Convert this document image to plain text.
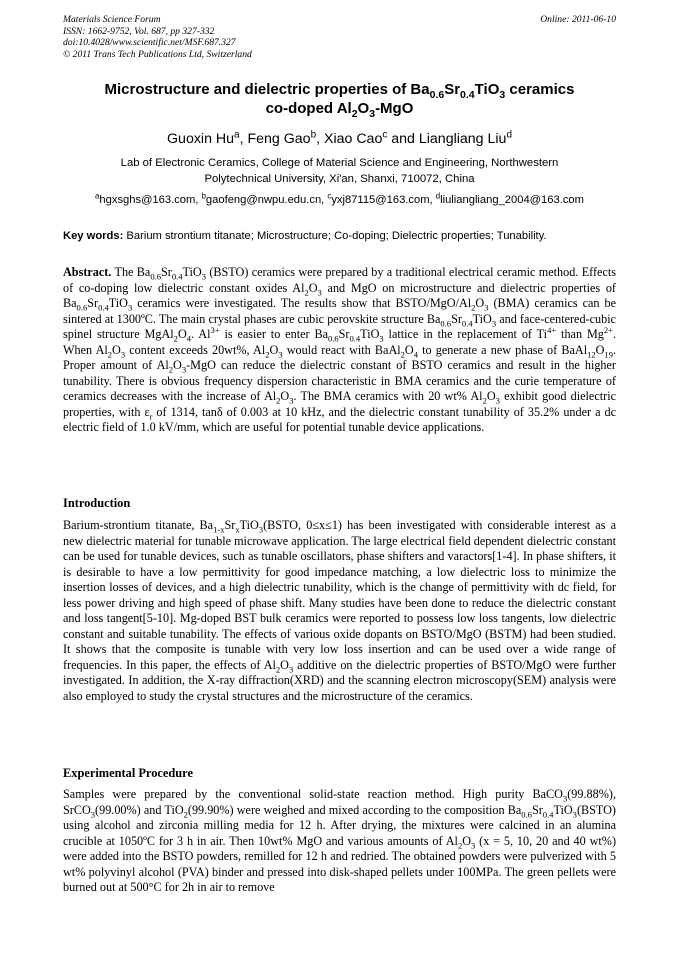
Materials Science Forum
ISSN: 1662-9752, Vol. 687, pp 327-332
doi:10.4028/www.scientific.net/MSF.687.327
© 2011 Trans Tech Publications Ltd, Switzerland
Online: 2011-06-10
Microstructure and dielectric properties of $Ba_{0.6}Sr_{0.4}TiO_3$ ceramics
co-doped $Al_2O_3$-MgO
Guoxin Hu$^a$, Feng Gao$^b$, Xiao Cao$^c$ and Liangliang Liu$^d$
Lab of Electronic Ceramics, College of Material Science and Engineering, Northwestern
Polytechnical University, Xi'an, Shanxi, 710072, China
$^a$hgxsghs@163.com, $^b$gaofeng@nwpu.edu.cn, $^c$yxj87115@163.com, $^d$liuliangliang_2004@163.com
Key words: Barium strontium titanate; Microstructure; Co-doping; Dielectric properties; Tunability.
Abstract. The $Ba_{0.6}Sr_{0.4}TiO_3$ (BSTO) ceramics were prepared by a traditional electrical ceramic method. Effects of co-doping low dielectric constant oxides $Al_2O_3$ and MgO on microstructure and dielectric properties of $Ba_{0.6}Sr_{0.4}TiO_3$ ceramics were investigated. The results show that BSTO/$MgO/Al_2O_3$ (BMA) ceramics can be sintered at 1300ºC. The main crystal phases are cubic perovskite structure $Ba_{0.6}Sr_{0.4}TiO_3$ and face-centered-cubic spinel structure $MgAl_2O_4$. $Al^{3+}$ is easier to enter $Ba_{0.6}Sr_{0.4}TiO_3$ lattice in the replacement of $Ti^{4+}$ than $Mg^{2+}$. When $Al_2O_3$ content exceeds 20wt%, $Al_2O_3$ would react with $BaAl_2O_4$ to generate a new phase of $BaAl_{12}O_{19}$. Proper amount of $Al_2O_3$-MgO can reduce the dielectric constant of BSTO ceramics and result in the higher tunability. There is obvious frequency dispersion characteristic in BMA ceramics and the curie temperature of ceramics decreases with the increase of $Al_2O_3$. The BMA ceramics with 20 wt% $Al_2O_3$ exhibit good dielectric properties, with $\varepsilon_r$ of 1314, tanδ of 0.003 at 10 kHz, and the dielectric constant tunability of 35.2% under a dc electric field of 1.0 kV/mm, which are useful for potential tunable device applications.
Introduction
Barium-strontium titanate, $Ba_{1-x}Sr_xTiO_3(BSTO$, 0≤x≤1) has been investigated with considerable interest as a new dielectric material for tunable microwave application. The large electrical field dependent dielectric constant can be used for tunable devices, such as tunable oscillators, phase shifters and varactors[1-4]. In phase shifters, it is desirable to have a low permittivity for good impedance matching, a low dielectric loss to minimize the insertion losses of devices, and a high dielectric tunability, which is the change of permittivity with dc field, for less power driving and high speed of phase shift. Many studies have been done to reduce the dielectric constant and loss tangent[5-10]. Mg-doped BST bulk ceramics were reported to possess low loss tangents, low dielectric constant and suitable tunability. The effects of various oxide dopants on BSTO/MgO (BSTM) had been studied. It shows that the composite is tunable with very low loss insertion and can be used over a wide range of frequencies. In this paper, the effects of $Al_2O_3$ additive on the dielectric properties of BSTO/MgO were further investigated. In addition, the X-ray diffraction(XRD) and the scanning electron microscopy(SEM) analysis were also employed to study the crystal structures and the microstructure of the ceramics.
Experimental Procedure
Samples were prepared by the conventional solid-state reaction method. High purity BaCO$_3$(99.88%), SrCO$_3$(99.00%) and TiO$_2$(99.90%) were weighed and mixed according to the composition $Ba_{0.6}Sr_{0.4}TiO_3(BSTO)$ using alcohol and zirconia milling media for 12 h. After drying, the mixtures were calcined in an alumina crucible at 1050ºC for 3 h in air. Then 10wt% MgO and various amounts of $Al_2O_3$ (x = 5, 10, 20 and 40 wt%) were added into the BSTO powders, remilled for 12 h and redried. The obtained powders were pulverized with 5 wt% polyvinyl alcohol (PVA) binder and pressed into disk-shaped pellets under 100MPa. The green pellets were burned out at 500°C for 2h in air to remove
